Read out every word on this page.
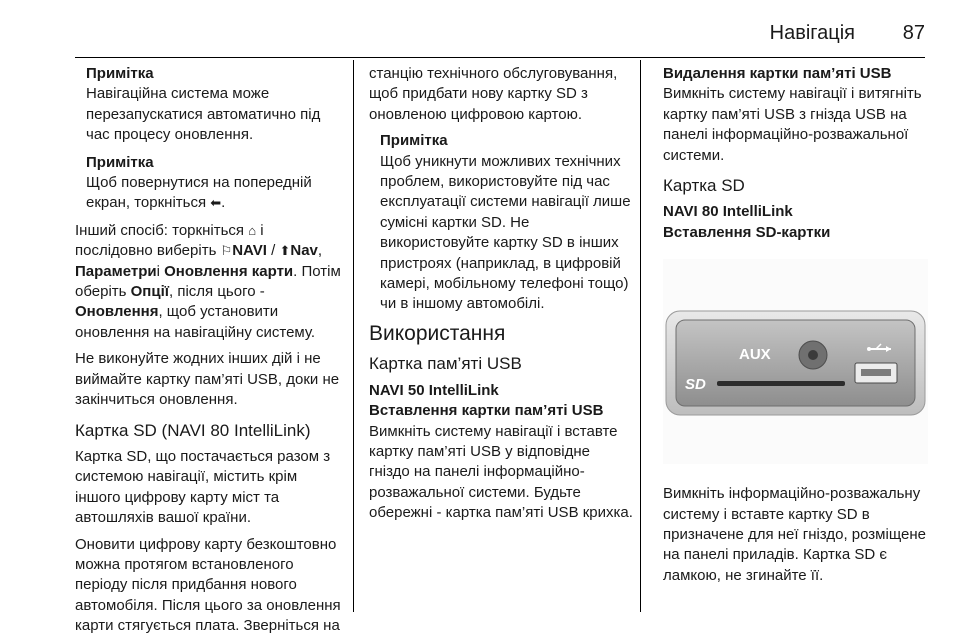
Навігація 87
Примітка
Навігаційна система може перезапускатися автоматично під час процесу оновлення.
Примітка
Щоб повернутися на попередній екран, торкніться ⬅.

Інший спосіб: торкніться ⌂ і послідовно виберіть ⚐NAVI / ⬆Nav, Параметриі Оновлення карти. Потім оберіть Опції, після цього - Оновлення, щоб установити оновлення на навігаційну систему.

Не виконуйте жодних інших дій і не виймайте картку пам’яті USB, доки не закінчиться оновлення.

Картка SD (NAVI 80 IntelliLink)

Картка SD, що постачається разом з системою навігації, містить крім іншого цифрову карту міст та автошляхів вашої країни.

Оновити цифрову карту безкоштовно можна протягом встановленого періоду після придбання нового автомобіля. Після цього за оновлення карти стягується плата. Зверніться на

станцію технічного обслуговування, щоб придбати нову картку SD з оновленою цифровою картою.

Примітка
Щоб уникнути можливих технічних проблем, використовуйте під час експлуатації системи навігації лише сумісні картки SD. Не використовуйте картку SD в інших пристроях (наприклад, в цифровій камері, мобільному телефоні тощо) чи в іншому автомобілі.
Використання
Картка пам’яті USB
NAVI 50 IntelliLink
Вставлення картки пам’яті USB

Вимкніть систему навігації і вставте картку пам’яті USB у відповідне гніздо на панелі інформаційно-розважальної системи. Будьте обережні - картка пам’яті USB крихка.

Видалення картки пам’яті USB

Вимкніть систему навігації і витягніть картку пам’яті USB з гнізда USB на панелі інформаційно-розважальної системи.

Картка SD
NAVI 80 IntelliLink
Вставлення SD-картки
AUX
SD

Вимкніть інформаційно-розважальну систему і вставте картку SD в призначене для неї гніздо, розміщене на панелі приладів. Картка SD є ламкою, не згинайте її.
